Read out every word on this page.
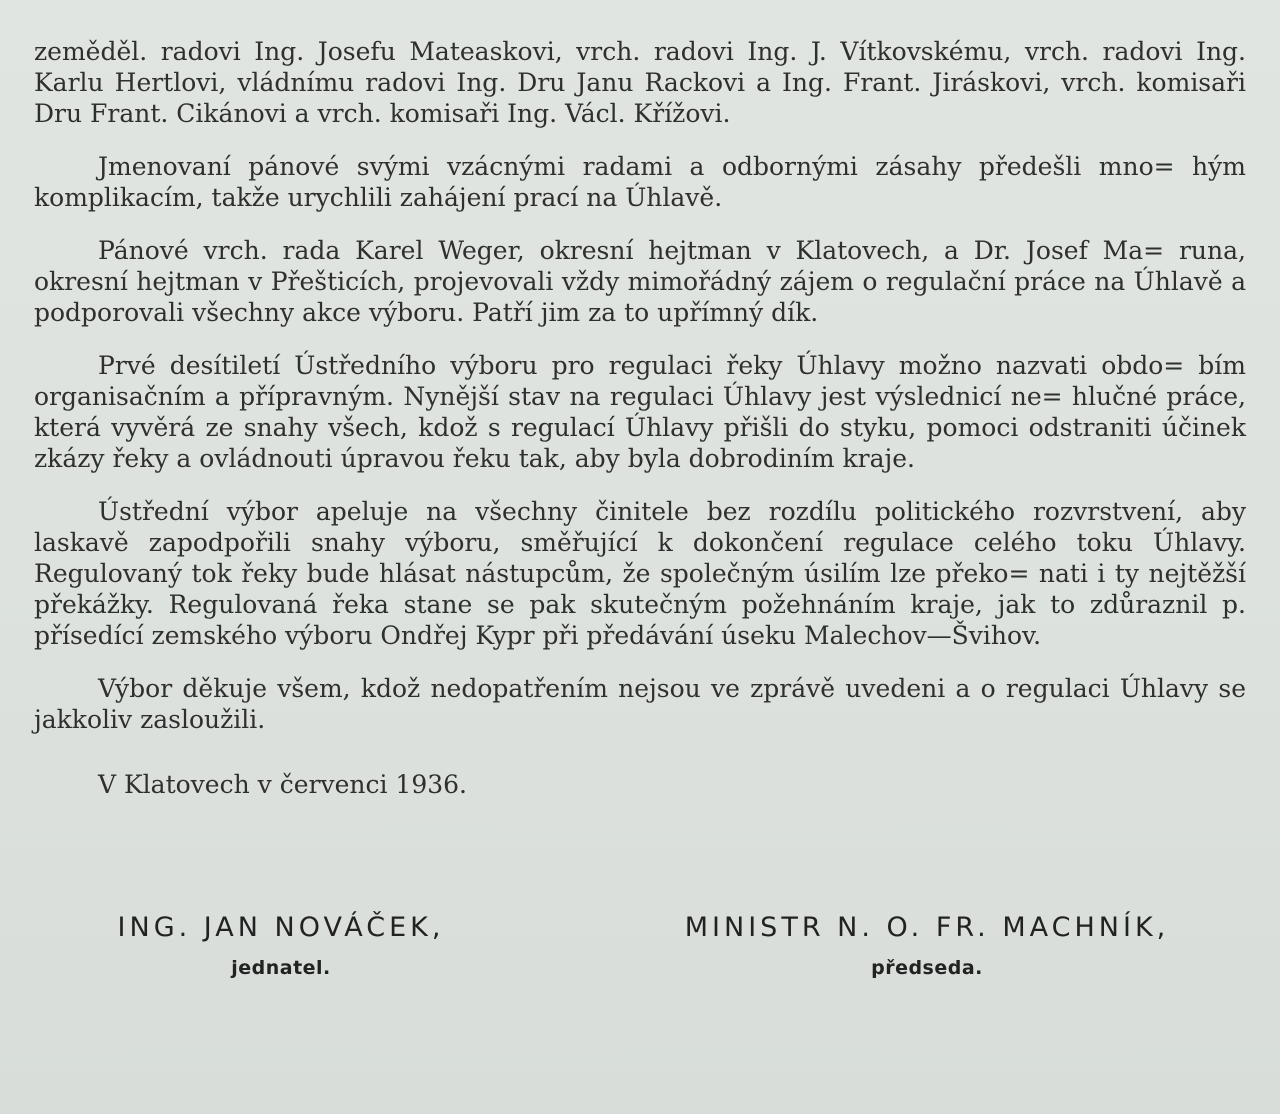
zeměděl. radovi Ing. Josefu Mateaskovi, vrch. radovi Ing. J. Vítkovskému, vrch. radovi Ing. Karlu Hertlovi, vládnímu radovi Ing. Dru Janu Rackovi a Ing. Frant. Jiráskovi, vrch. komisaři Dru Frant. Cikánovi a vrch. komisaři Ing. Václ. Křížovi.

Jmenovaní pánové svými vzácnými radami a odbornými zásahy předešli mno= hým komplikacím, takže urychlili zahájení prací na Úhlavě.

Pánové vrch. rada Karel Weger, okresní hejtman v Klatovech, a Dr. Josef Ma= runa, okresní hejtman v Přešticích, projevovali vždy mimořádný zájem o regulační práce na Úhlavě a podporovali všechny akce výboru. Patří jim za to upřímný dík.

Prvé desítiletí Ústředního výboru pro regulaci řeky Úhlavy možno nazvati obdo= bím organisačním a přípravným. Nynější stav na regulaci Úhlavy jest výslednicí ne= hlučné práce, která vyvěrá ze snahy všech, kdož s regulací Úhlavy přišli do styku, pomoci odstraniti účinek zkázy řeky a ovládnouti úpravou řeku tak, aby byla dobrodiním kraje.

Ústřední výbor apeluje na všechny činitele bez rozdílu politického rozvrstvení, aby laskavě zapodpořili snahy výboru, směřující k dokončení regulace celého toku Úhlavy. Regulovaný tok řeky bude hlásat nástupcům, že společným úsilím lze překo= nati i ty nejtěžší překážky. Regulovaná řeka stane se pak skutečným požehnáním kraje, jak to zdůraznil p. přísedící zemského výboru Ondřej Kypr při předávání úseku Malechov—Švihov.

Výbor děkuje všem, kdož nedopatřením nejsou ve zprávě uvedeni a o regulaci Úhlavy se jakkoliv zasloužili.

V Klatovech v červenci 1936.

ING. JAN NOVÁČEK,
jednatel.
MINISTR N. O. FR. MACHNÍK,
předseda.
